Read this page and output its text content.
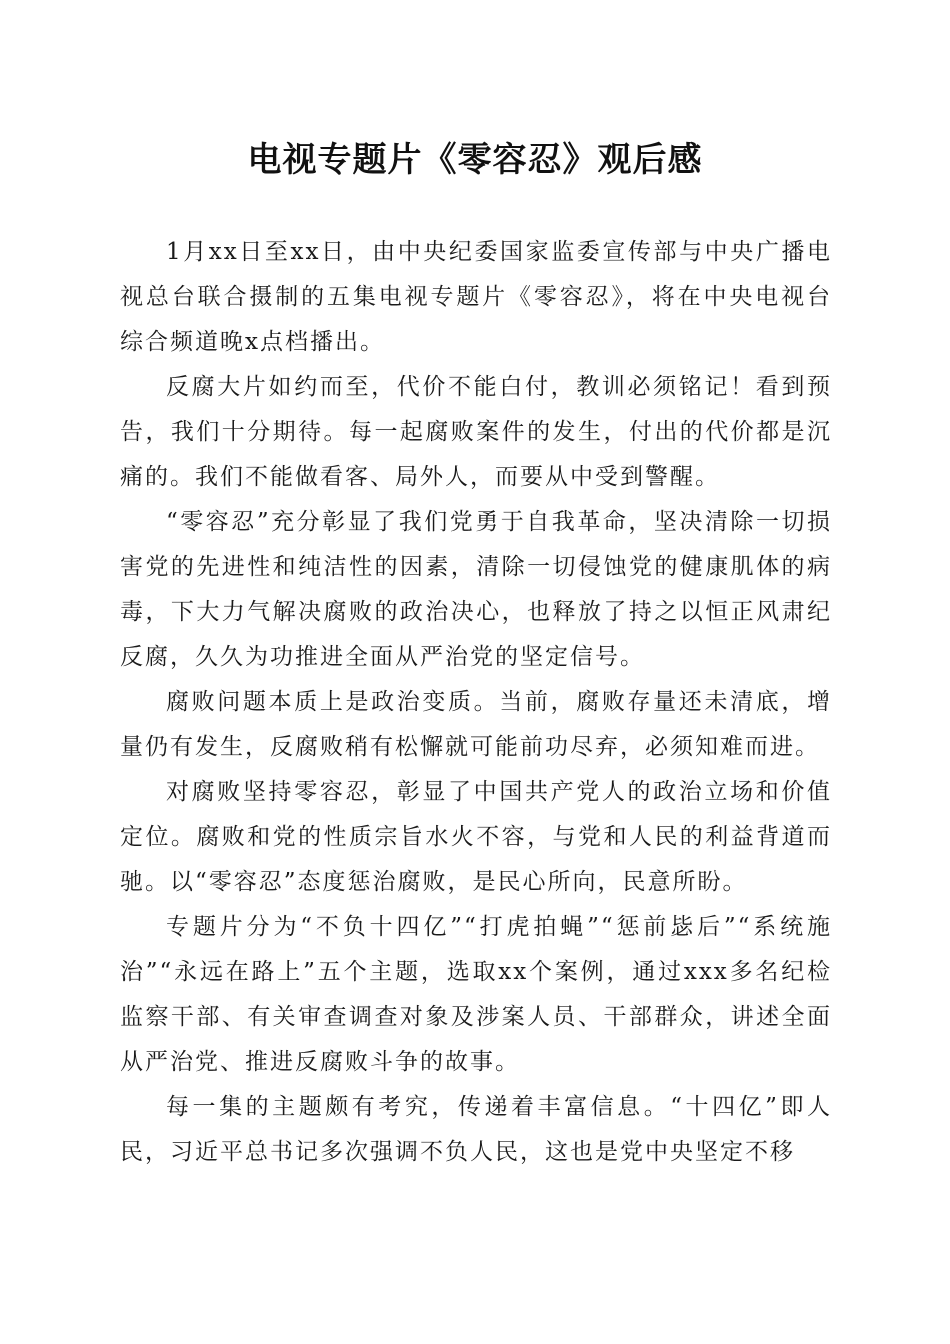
电视专题片《零容忍》观后感

1月xx日至xx日，由中央纪委国家监委宣传部与中央广播电视总台联合摄制的五集电视专题片《零容忍》，将在中央电视台综合频道晚x点档播出。

反腐大片如约而至，代价不能白付，教训必须铭记！看到预告，我们十分期待。每一起腐败案件的发生，付出的代价都是沉痛的。我们不能做看客、局外人，而要从中受到警醒。

“零容忍”充分彰显了我们党勇于自我革命，坚决清除一切损害党的先进性和纯洁性的因素，清除一切侵蚀党的健康肌体的病毒，下大力气解决腐败的政治决心，也释放了持之以恒正风肃纪反腐，久久为功推进全面从严治党的坚定信号。

腐败问题本质上是政治变质。当前，腐败存量还未清底，增量仍有发生，反腐败稍有松懈就可能前功尽弃，必须知难而进。

对腐败坚持零容忍，彰显了中国共产党人的政治立场和价值定位。腐败和党的性质宗旨水火不容，与党和人民的利益背道而驰。以“零容忍”态度惩治腐败，是民心所向，民意所盼。

专题片分为“不负十四亿”“打虎拍蝇”“惩前毖后”“系统施治”“永远在路上”五个主题，选取xx个案例，通过xxx多名纪检监察干部、有关审查调查对象及涉案人员、干部群众，讲述全面从严治党、推进反腐败斗争的故事。

每一集的主题颇有考究，传递着丰富信息。“十四亿”即人民，习近平总书记多次强调不负人民，这也是党中央坚定不移
